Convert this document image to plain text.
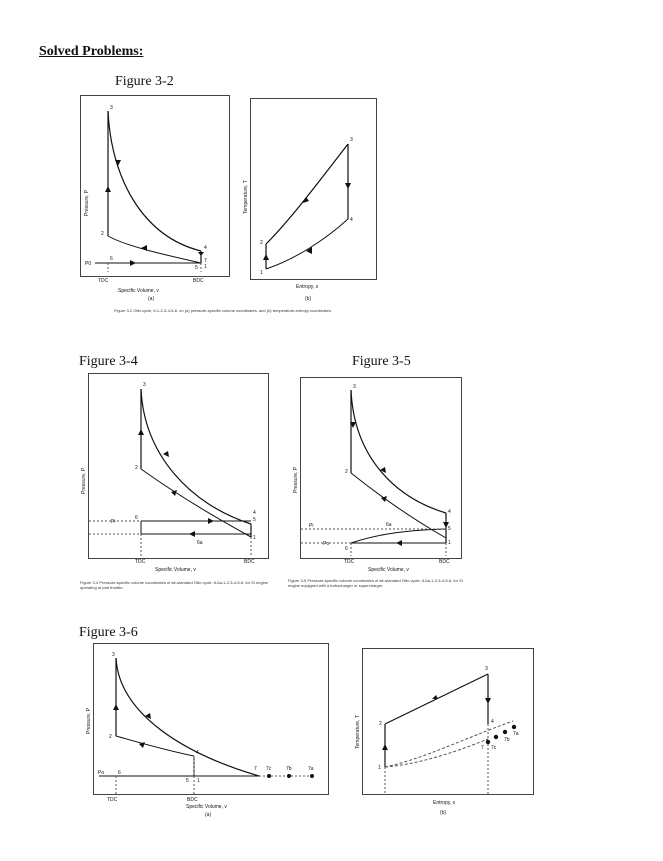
Solved Problems:
Figure 3-2
3
2
6
5
4
7
1
P0
Pressure, P
TDC	BDC
Specific Volume, v
(a)
3
4
2
1
Temperature, T
Entropy, s
(b)
Figure 3-2 Otto cycle, 6-1-2-3-4-5-6, on (a) pressure-specific volume coordinates, and (b) temperature-entropy coordinates.
Figure 3-4
3
2
6	5
4
1
6a
Pi
Pressure, P
TDC	BDC
Specific Volume, v
Figure 3-4 Pressure-specific volume coordinates of air-standard Otto cycle, 6-6a-1-2-3-4-5-6, for SI engine operating at part throttle.
Figure 3-5
3
2
6a
4
5
1
6
Pi
Po
Pressure, P
TDC	BDC
Specific Volume, v
Figure 3-5 Pressure-specific volume coordinates of air-standard Otto cycle, 6-6a-1-2-3-4-5-6, for SI engine equipped with a turbocharger or supercharger.
Figure 3-6
3
2
4
7 7c	7b	7a
6
5 1
Po
Pressure, P
TDC	BDC
Specific Volume, v
(a)
3
2	4
7a
7b
7c
7
1
Temperature, T
Entropy, s
(b)
